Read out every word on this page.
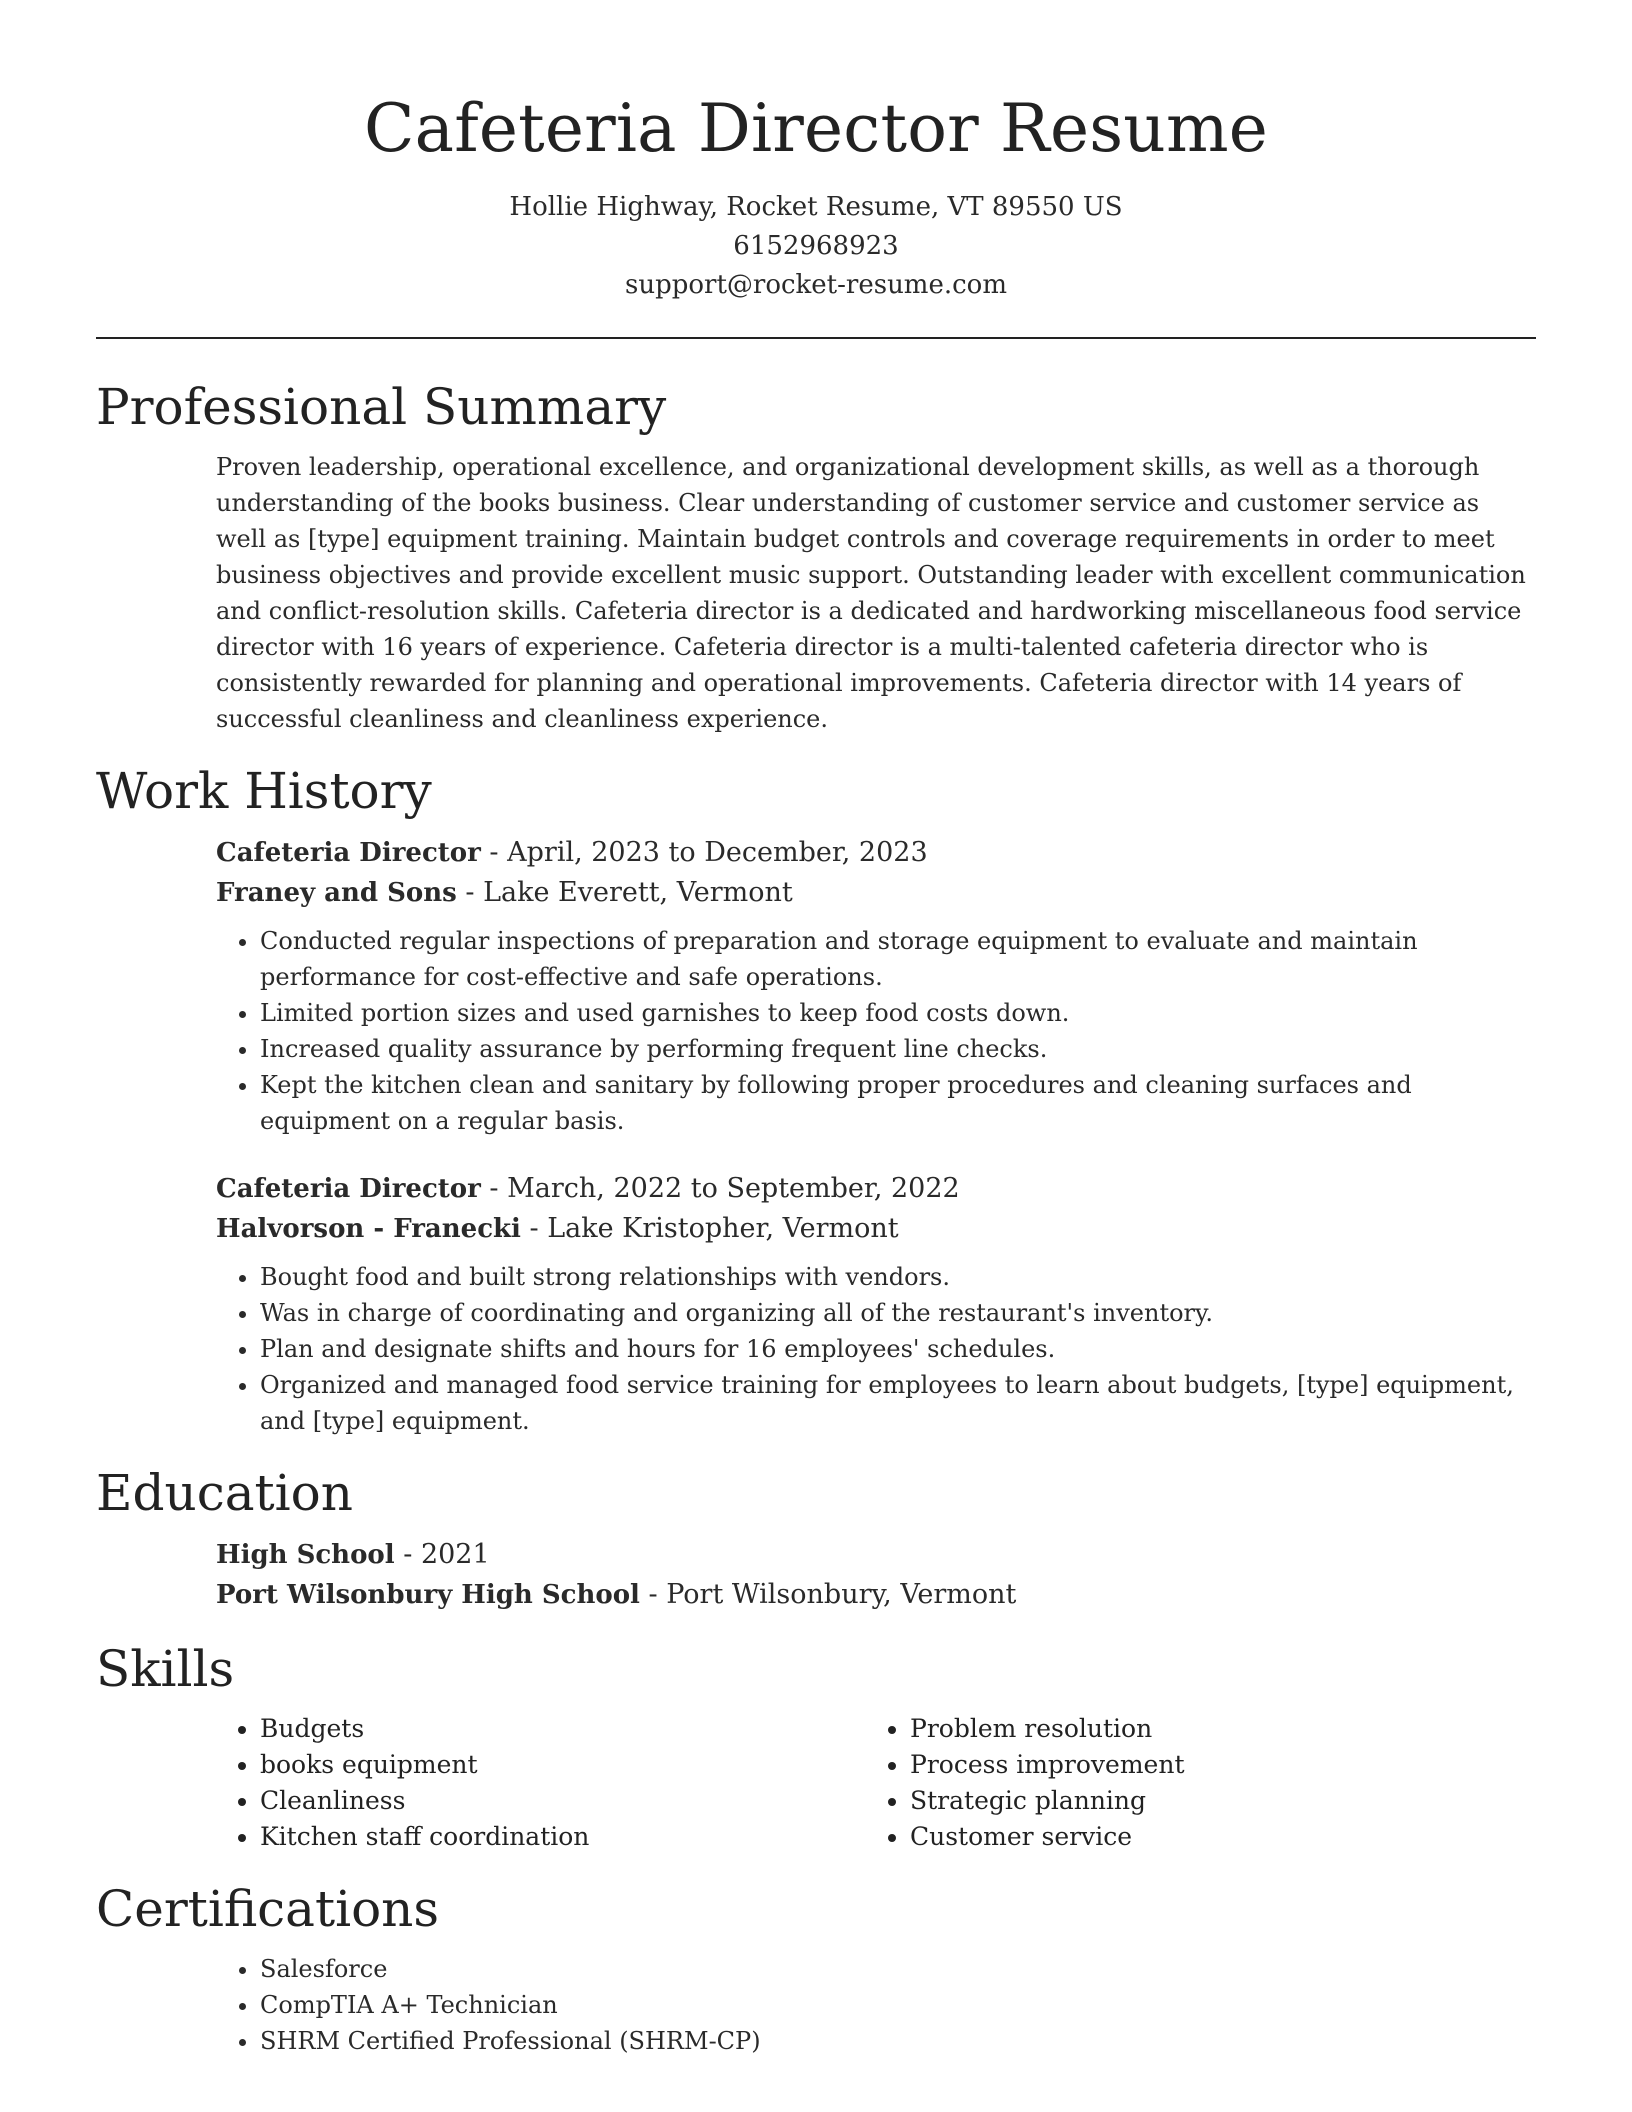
Cafeteria Director Resume
Hollie Highway, Rocket Resume, VT 89550 US
6152968923
support@rocket-resume.com
Professional Summary

Proven leadership, operational excellence, and organizational development skills, as well as a thorough understanding of the books business. Clear understanding of customer service and customer service as well as [type] equipment training. Maintain budget controls and coverage requirements in order to meet business objectives and provide excellent music support. Outstanding leader with excellent communication and conflict-resolution skills. Cafeteria director is a dedicated and hardworking miscellaneous food service director with 16 years of experience. Cafeteria director is a multi-talented cafeteria director who is consistently rewarded for planning and operational improvements. Cafeteria director with 14 years of successful cleanliness and cleanliness experience.

Work History
Cafeteria Director - April, 2023 to December, 2023
Franey and Sons - Lake Everett, Vermont
• Conducted regular inspections of preparation and storage equipment to evaluate and maintain performance for cost-effective and safe operations.
• Limited portion sizes and used garnishes to keep food costs down.
• Increased quality assurance by performing frequent line checks.
• Kept the kitchen clean and sanitary by following proper procedures and cleaning surfaces and equipment on a regular basis.
Cafeteria Director - March, 2022 to September, 2022
Halvorson - Franecki - Lake Kristopher, Vermont
• Bought food and built strong relationships with vendors.
• Was in charge of coordinating and organizing all of the restaurant's inventory.
• Plan and designate shifts and hours for 16 employees' schedules.
• Organized and managed food service training for employees to learn about budgets, [type] equipment, and [type] equipment.
Education
High School - 2021
Port Wilsonbury High School - Port Wilsonbury, Vermont
Skills
• Budgets
• books equipment
• Cleanliness
• Kitchen staff coordination
• Problem resolution
• Process improvement
• Strategic planning
• Customer service
Certifications
• Salesforce
• CompTIA A+ Technician
• SHRM Certified Professional (SHRM-CP)
